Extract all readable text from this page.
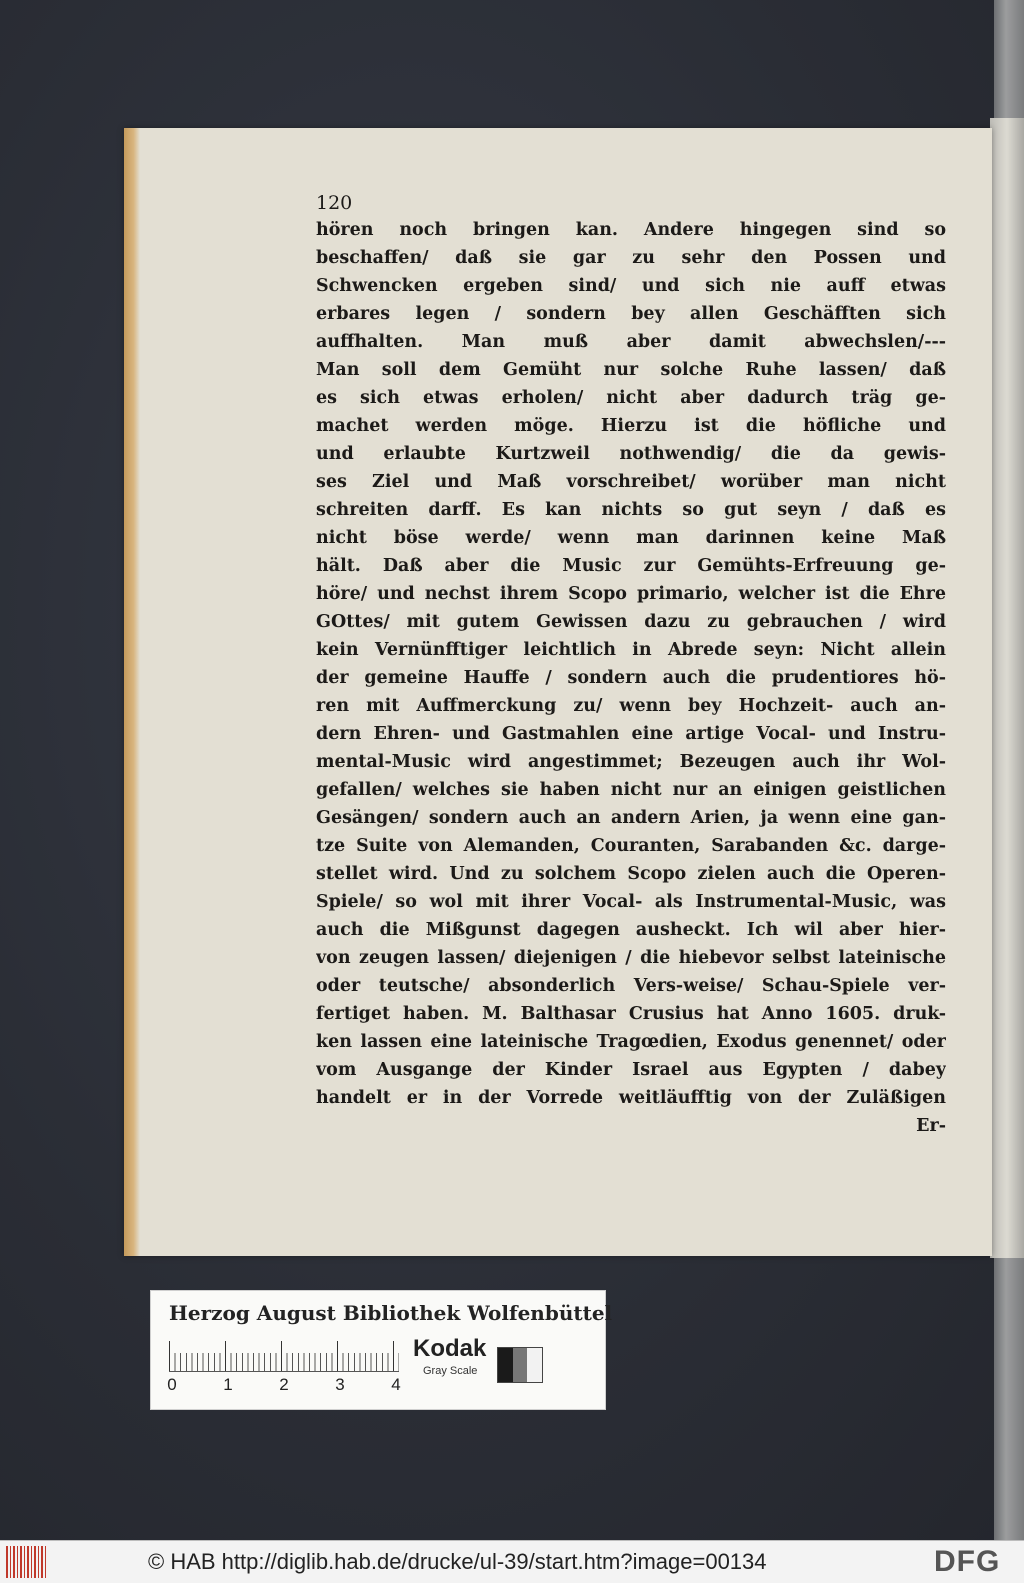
120
hören noch bringen kan. Andere hingegen sind so
beschaffen/ daß sie gar zu sehr den Possen und
Schwencken ergeben sind/ und sich nie auff etwas
erbares legen / sondern bey allen Geschäfften sich
auffhalten. Man muß aber damit abwechslen/---
Man soll dem Gemüht nur solche Ruhe lassen/ daß
es sich etwas erholen/ nicht aber dadurch träg ge-
machet werden möge. Hierzu ist die höfliche und
und erlaubte Kurtzweil nothwendig/ die da gewis-
ses Ziel und Maß vorschreibet/ worüber man nicht
schreiten darff. Es kan nichts so gut seyn / daß es
nicht böse werde/ wenn man darinnen keine Maß
hält. Daß aber die Music zur Gemühts-Erfreuung ge-
höre/ und nechst ihrem Scopo primario, welcher ist die Ehre
GOttes/ mit gutem Gewissen dazu zu gebrauchen / wird
kein Vernünfftiger leichtlich in Abrede seyn: Nicht allein
der gemeine Hauffe / sondern auch die prudentiores hö-
ren mit Auffmerckung zu/ wenn bey Hochzeit- auch an-
dern Ehren- und Gastmahlen eine artige Vocal- und Instru-
mental-Music wird angestimmet; Bezeugen auch ihr Wol-
gefallen/ welches sie haben nicht nur an einigen geistlichen
Gesängen/ sondern auch an andern Arien, ja wenn eine gan-
tze Suite von Alemanden, Couranten, Sarabanden &c. darge-
stellet wird. Und zu solchem Scopo zielen auch die Operen-
Spiele/ so wol mit ihrer Vocal- als Instrumental-Music, was
auch die Mißgunst dagegen ausheckt. Ich wil aber hier-
von zeugen lassen/ diejenigen / die hiebevor selbst lateinische
oder teutsche/ absonderlich Vers-weise/ Schau-Spiele ver-
fertiget haben. M. Balthasar Crusius hat Anno 1605. druk-
ken lassen eine lateinische Tragœdien, Exodus genennet/ oder
vom Ausgange der Kinder Israel aus Egypten / dabey
handelt er in der Vorrede weitläufftig von der Zuläßigen
Er-
Herzog August Bibliothek Wolfenbüttel
0	1	2	3	4
Kodak
Gray Scale
© HAB http://diglib.hab.de/drucke/ul-39/start.htm?image=00134	DFG
